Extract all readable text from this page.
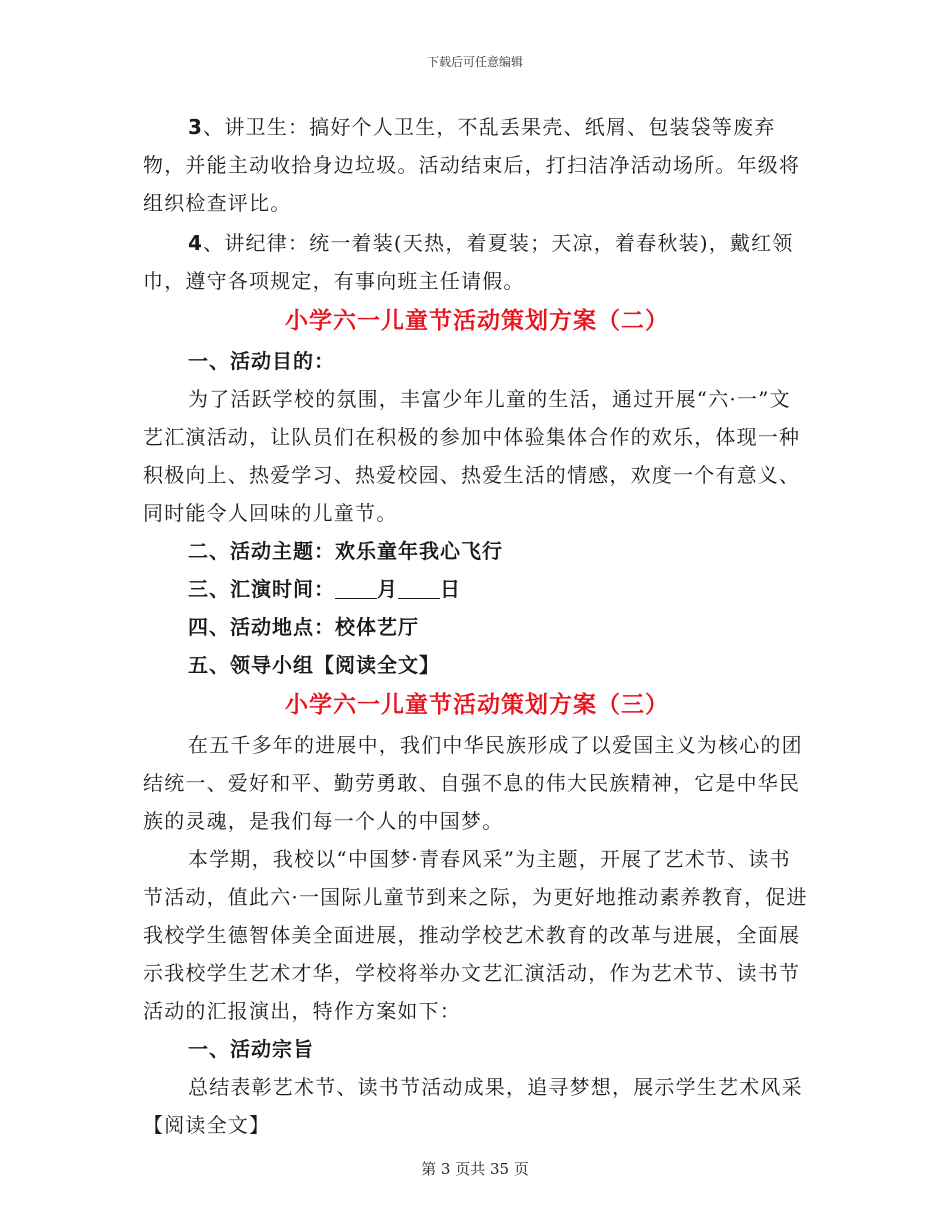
下载后可任意编辑

3、讲卫生：搞好个人卫生，不乱丢果壳、纸屑、包装袋等废弃物，并能主动收拾身边垃圾。活动结束后，打扫洁净活动场所。年级将组织检查评比。

4、讲纪律：统一着装(天热，着夏装；天凉，着春秋装)，戴红领巾，遵守各项规定，有事向班主任请假。

小学六一儿童节活动策划方案（二）

一、活动目的：

为了活跃学校的氛围，丰富少年儿童的生活，通过开展“六·一”文艺汇演活动，让队员们在积极的参加中体验集体合作的欢乐，体现一种积极向上、热爱学习、热爱校园、热爱生活的情感，欢度一个有意义、同时能令人回味的儿童节。

二、活动主题：欢乐童年我心飞行

三、汇演时间： 月 日

四、活动地点：校体艺厅

五、领导小组【阅读全文】

小学六一儿童节活动策划方案（三）

在五千多年的进展中，我们中华民族形成了以爱国主义为核心的团结统一、爱好和平、勤劳勇敢、自强不息的伟大民族精神，它是中华民族的灵魂，是我们每一个人的中国梦。

本学期，我校以“中国梦·青春风采”为主题，开展了艺术节、读书节活动，值此六·一国际儿童节到来之际，为更好地推动素养教育，促进我校学生德智体美全面进展，推动学校艺术教育的改革与进展，全面展示我校学生艺术才华，学校将举办文艺汇演活动，作为艺术节、读书节活动的汇报演出，特作方案如下：

一、活动宗旨

总结表彰艺术节、读书节活动成果，追寻梦想，展示学生艺术风采【阅读全文】

第 3 页共 35 页
